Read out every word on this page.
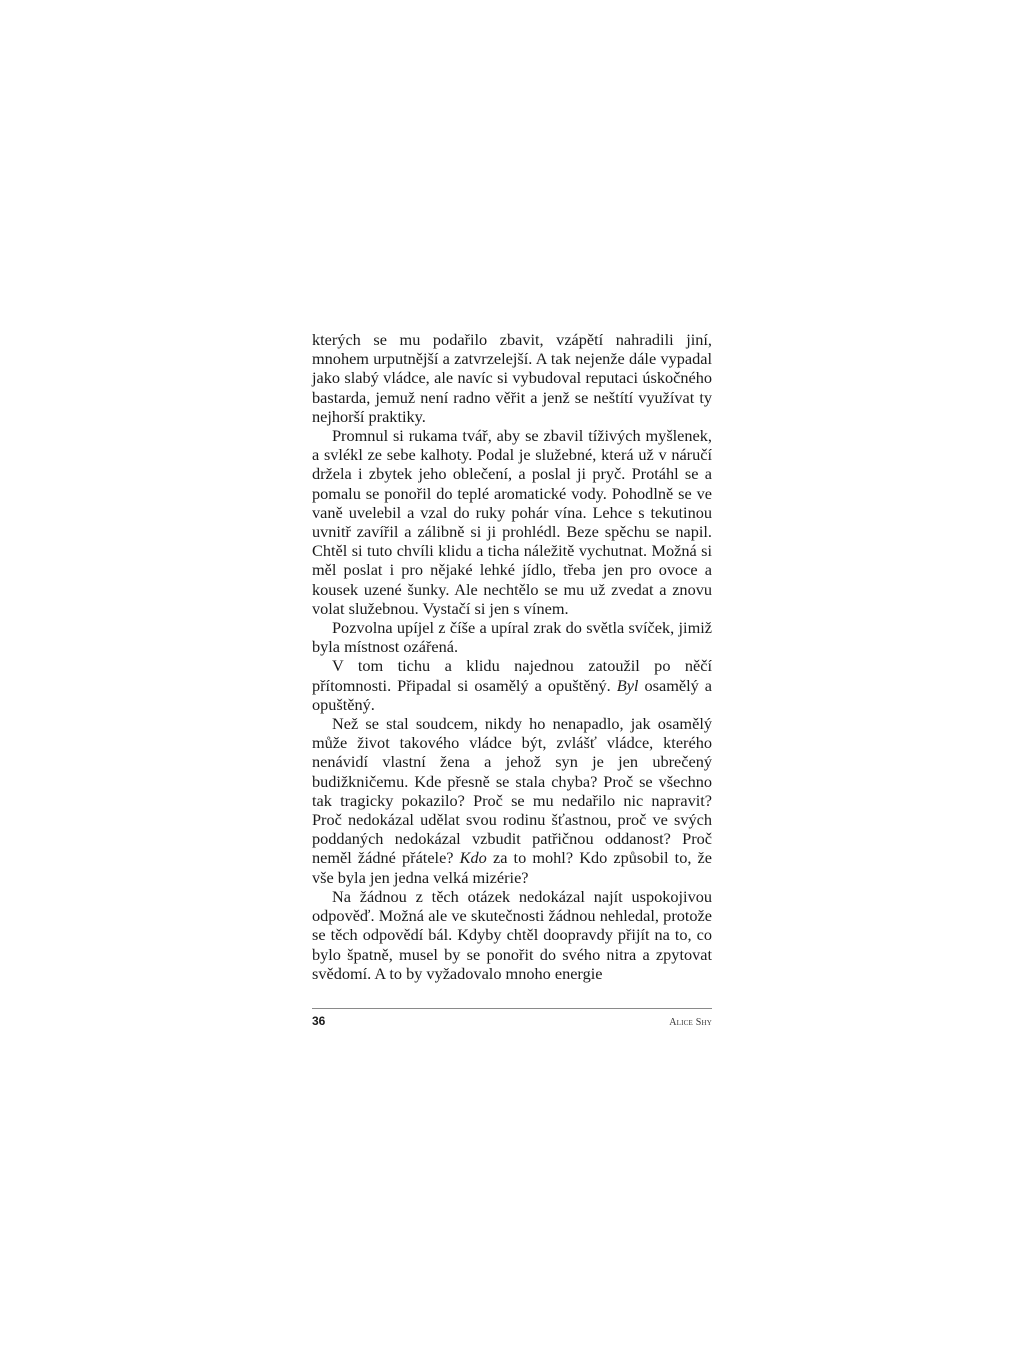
kterých se mu podařilo zbavit, vzápětí nahradili jiní, mnohem urputnější a zatvrzelejší. A tak nejenže dále vypadal jako slabý vládce, ale navíc si vybudoval reputaci úskočného bastarda, jemuž není radno věřit a jenž se neštítí využívat ty nejhorší praktiky.

Promnul si rukama tvář, aby se zbavil tíživých myšlenek, a svlékl ze sebe kalhoty. Podal je služebné, která už v náručí držela i zbytek jeho oblečení, a poslal ji pryč. Protáhl se a pomalu se ponořil do teplé aromatické vody. Pohodlně se ve vaně uvelebil a vzal do ruky pohár vína. Lehce s tekutinou uvnitř zavířil a zálibně si ji prohlédl. Beze spěchu se napil. Chtěl si tuto chvíli klidu a ticha náležitě vychutnat. Možná si měl poslat i pro nějaké lehké jídlo, třeba jen pro ovoce a kousek uzené šunky. Ale nechtělo se mu už zvedat a znovu volat služebnou. Vystačí si jen s vínem.

Pozvolna upíjel z číše a upíral zrak do světla svíček, jimiž byla místnost ozářená.

V tom tichu a klidu najednou zatoužil po něčí přítomnosti. Připadal si osamělý a opuštěný. Byl osamělý a opuštěný.

Než se stal soudcem, nikdy ho nenapadlo, jak osamělý může život takového vládce být, zvlášť vládce, kterého nenávidí vlastní žena a jehož syn je jen ubrečený budižkničemu. Kde přesně se stala chyba? Proč se všechno tak tragicky pokazilo? Proč se mu nedařilo nic napravit? Proč nedokázal udělat svou rodinu šťastnou, proč ve svých poddaných nedokázal vzbudit patřičnou oddanost? Proč neměl žádné přátele? Kdo za to mohl? Kdo způsobil to, že vše byla jen jedna velká mizérie?

Na žádnou z těch otázek nedokázal najít uspokojivou odpověď. Možná ale ve skutečnosti žádnou nehledal, protože se těch odpovědí bál. Kdyby chtěl doopravdy přijít na to, co bylo špatně, musel by se ponořit do svého nitra a zpytovat svědomí. A to by vyžadovalo mnoho energie

36	Alice Shy
